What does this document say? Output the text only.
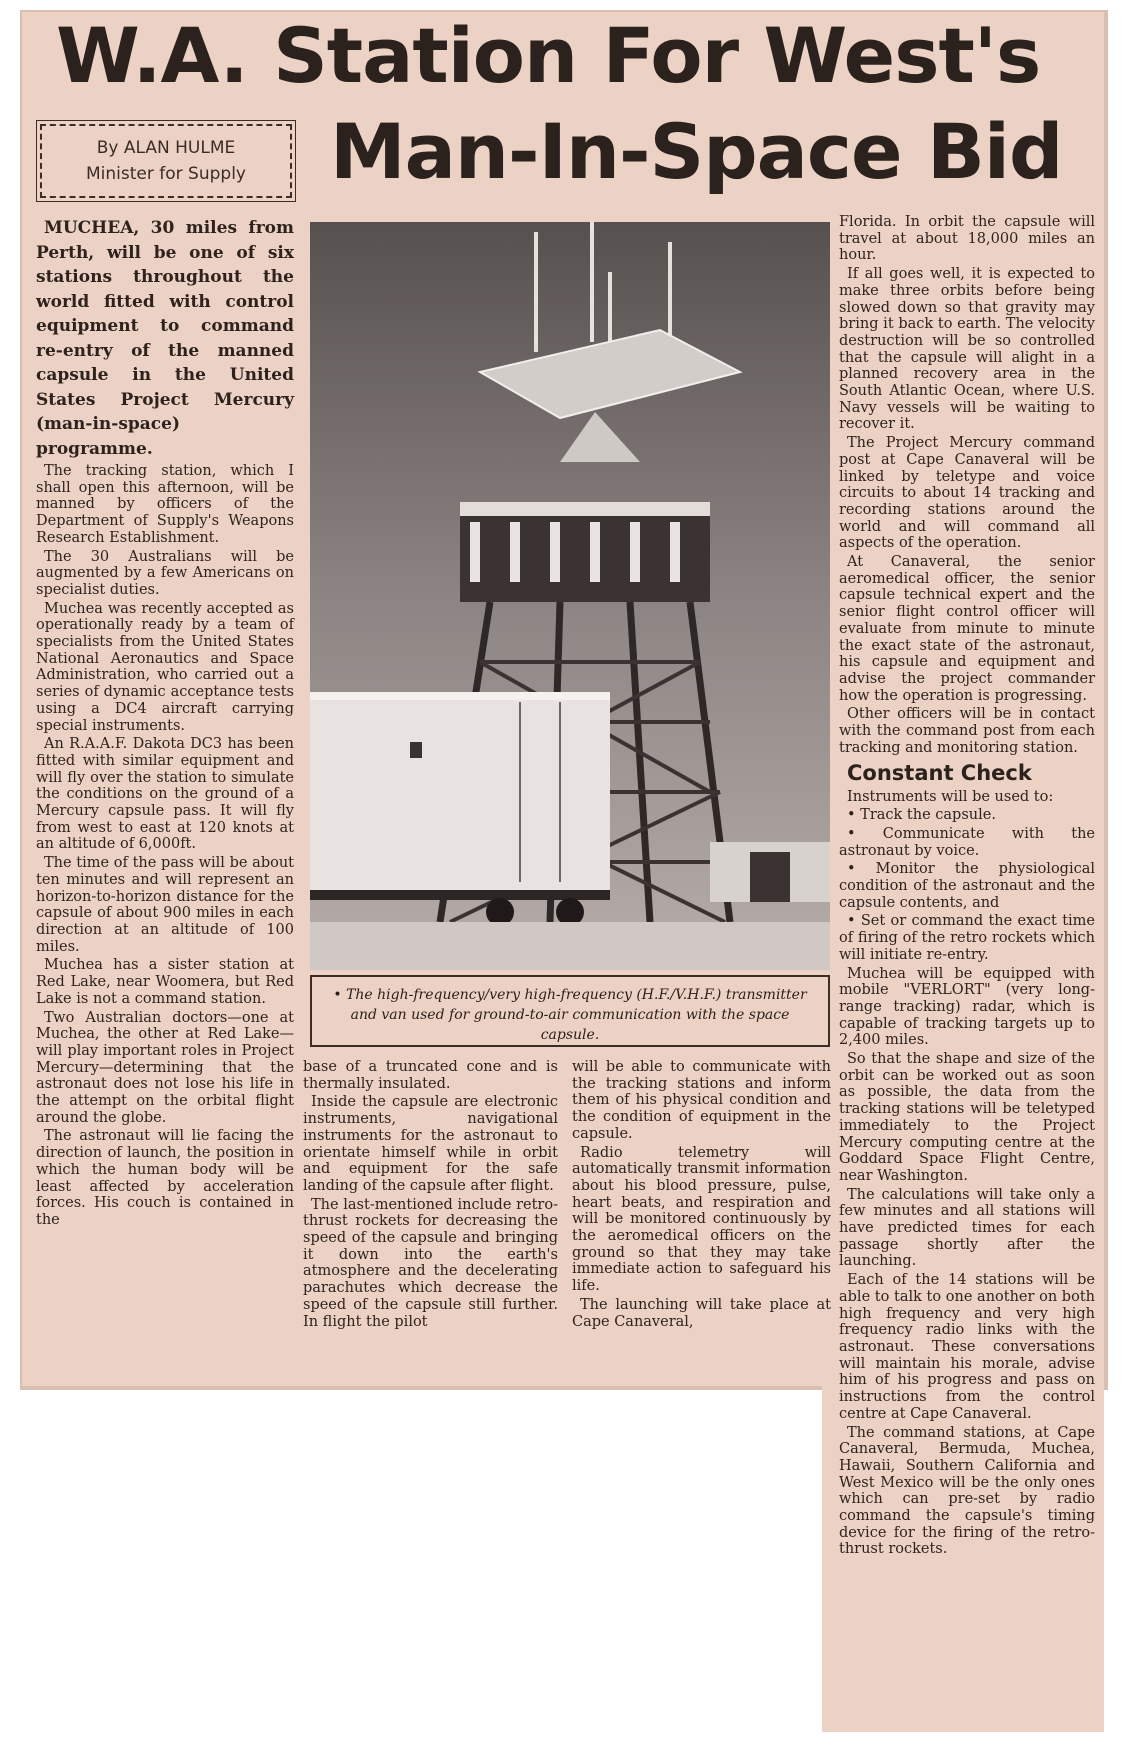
W.A. Station For West's
Man-In-Space Bid
By ALAN HULME
Minister for Supply
• The high-frequency/very high-frequency (H.F./V.H.F.) transmitter and van used for ground-to-air communication with the space capsule.

MUCHEA, 30 miles from Perth, will be one of six stations throughout the world fitted with control equipment to command re-entry of the manned capsule in the United States Project Mercury (man-in-space) programme.

The tracking station, which I shall open this afternoon, will be manned by officers of the Department of Supply's Weapons Research Establishment.

The 30 Australians will be augmented by a few Americans on specialist duties.

Muchea was recently accepted as operationally ready by a team of specialists from the United States National Aeronautics and Space Administration, who carried out a series of dynamic acceptance tests using a DC4 aircraft carrying special instruments.

An R.A.A.F. Dakota DC3 has been fitted with similar equipment and will fly over the station to simulate the conditions on the ground of a Mercury capsule pass. It will fly from west to east at 120 knots at an altitude of 6,000ft.

The time of the pass will be about ten minutes and will represent an horizon-to-horizon distance for the capsule of about 900 miles in each direction at an altitude of 100 miles.

Muchea has a sister station at Red Lake, near Woomera, but Red Lake is not a command station.

Two Australian doctors—one at Muchea, the other at Red Lake—will play important roles in Project Mercury—determining that the astronaut does not lose his life in the attempt on the orbital flight around the globe.

The astronaut will lie facing the direction of launch, the position in which the human body will be least affected by acceleration forces. His couch is contained in the

base of a truncated cone and is thermally insulated.

Inside the capsule are electronic instruments, navigational instruments for the astronaut to orientate himself while in orbit and equipment for the safe landing of the capsule after flight.

The last-mentioned include retro-thrust rockets for decreasing the speed of the capsule and bringing it down into the earth's atmosphere and the decelerating parachutes which decrease the speed of the capsule still further. In flight the pilot

will be able to communicate with the tracking stations and inform them of his physical condition and the condition of equipment in the capsule.

Radio telemetry will automatically transmit information about his blood pressure, pulse, heart beats, and respiration and will be monitored continuously by the aeromedical officers on the ground so that they may take immediate action to safeguard his life.

The launching will take place at Cape Canaveral,

Florida. In orbit the capsule will travel at about 18,000 miles an hour.

If all goes well, it is expected to make three orbits before being slowed down so that gravity may bring it back to earth. The velocity destruction will be so controlled that the capsule will alight in a planned recovery area in the South Atlantic Ocean, where U.S. Navy vessels will be waiting to recover it.

The Project Mercury command post at Cape Canaveral will be linked by teletype and voice circuits to about 14 tracking and recording stations around the world and will command all aspects of the operation.

At Canaveral, the senior aeromedical officer, the senior capsule technical expert and the senior flight control officer will evaluate from minute to minute the exact state of the astronaut, his capsule and equipment and advise the project commander how the operation is progressing.

Other officers will be in contact with the command post from each tracking and monitoring station.

Constant Check

Instruments will be used to:

• Track the capsule.

• Communicate with the astronaut by voice.

• Monitor the physiological condition of the astronaut and the capsule contents, and

• Set or command the exact time of firing of the retro rockets which will initiate re-entry.

Muchea will be equipped with mobile "VERLORT" (very long-range tracking) radar, which is capable of tracking targets up to 2,400 miles.

So that the shape and size of the orbit can be worked out as soon as possible, the data from the tracking stations will be teletyped immediately to the Project Mercury computing centre at the Goddard Space Flight Centre, near Washington.

The calculations will take only a few minutes and all stations will have predicted times for each passage shortly after the launching.

Each of the 14 stations will be able to talk to one another on both high frequency and very high frequency radio links with the astronaut. These conversations will maintain his morale, advise him of his progress and pass on instructions from the control centre at Cape Canaveral.

The command stations, at Cape Canaveral, Bermuda, Muchea, Hawaii, Southern California and West Mexico will be the only ones which can pre-set by radio command the capsule's timing device for the firing of the retro-thrust rockets.
